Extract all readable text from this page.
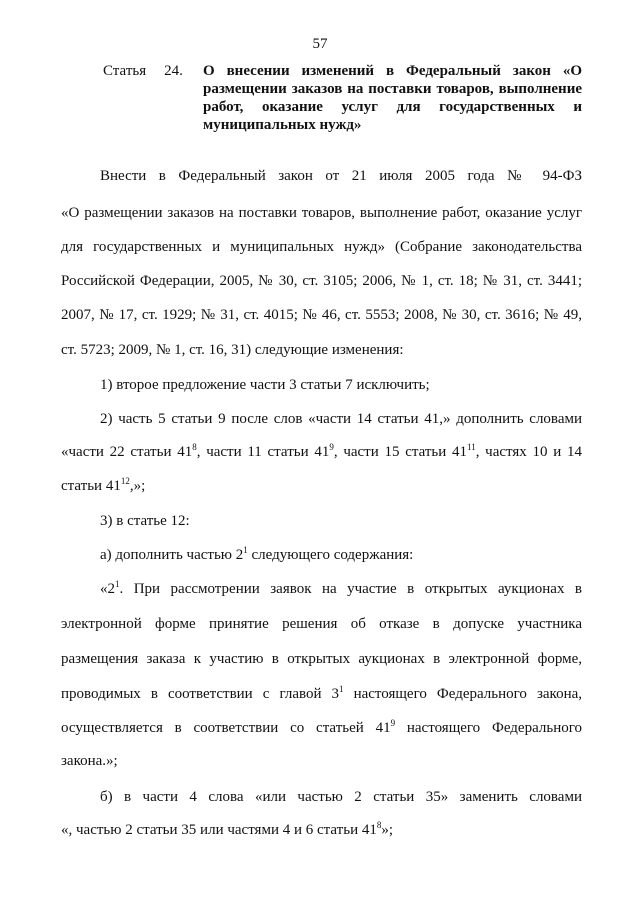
57
Статья 24. О внесении изменений в Федеральный закон «О размещении заказов на поставки товаров, выполнение работ, оказание услуг для государственных и муниципальных нужд»
Внести в Федеральный закон от 21 июля 2005 года № 94-ФЗ
«О размещении заказов на поставки товаров, выполнение работ, оказание услуг
для государственных и муниципальных нужд» (Собрание законодательства
Российской Федерации, 2005, № 30, ст. 3105; 2006, № 1, ст. 18; № 31, ст. 3441;
2007, № 17, ст. 1929; № 31, ст. 4015; № 46, ст. 5553; 2008, № 30, ст. 3616; № 49,
ст. 5723; 2009, № 1, ст. 16, 31) следующие изменения:
1) второе предложение части 3 статьи 7 исключить;
2) часть 5 статьи 9 после слов «части 14 статьи 41,» дополнить словами
«части 22 статьи $41^8$, части 11 статьи $41^9$, части 15 статьи $41^{11}$, частях 10 и 14
статьи $41^{12}$,»;
3) в статье 12:
а) дополнить частью $2^1$ следующего содержания:
«$2^1$. При рассмотрении заявок на участие в открытых аукционах в
электронной форме принятие решения об отказе в допуске участника
размещения заказа к участию в открытых аукционах в электронной форме,
проводимых в соответствии с главой $3^1$ настоящего Федерального закона,
осуществляется в соответствии со статьей $41^9$ настоящего Федерального
закона.»;
б) в части 4 слова «или частью 2 статьи 35» заменить словами
«, частью 2 статьи 35 или частями 4 и 6 статьи $41^8$»;
